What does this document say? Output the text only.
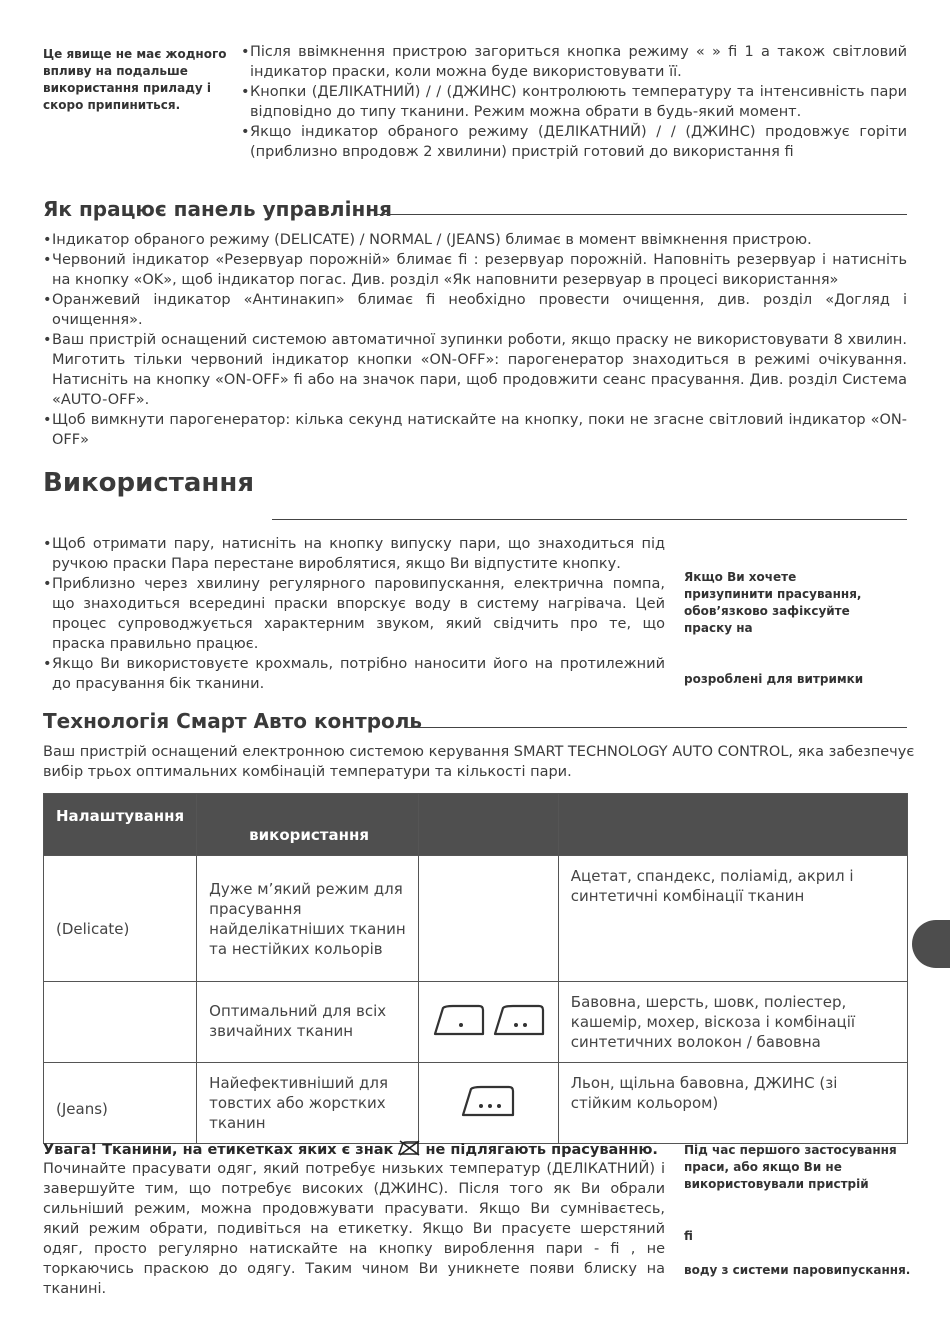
Це явище не має жодного впливу на подальше використання приладу і скоро припиниться.
• Після ввімкнення пристрою загориться кнопка режиму « » ﬁ 1 а також світловий індикатор праски, коли можна буде використовувати її.
• Кнопки (ДЕЛІКАТНИЙ) / / (ДЖИНС) контролюють температуру та інтенсивність пари відповідно до типу тканини. Режим можна обрати в будь-який момент.
• Якщо індикатор обраного режиму (ДЕЛІКАТНИЙ) / / (ДЖИНС) продовжує горіти (приблизно впродовж 2 хвилини) пристрій готовий до використання ﬁ
Як працює панель управління
• Індикатор обраного режиму (DELICATE) / NORMAL / (JEANS) блимає в момент ввімкнення пристрою.
• Червоний індикатор «Резервуар порожній» блимає ﬁ : резервуар порожній. Наповніть резервуар і натисніть на кнопку «OK», щоб індикатор погас. Див. розділ «Як наповнити резервуар в процесі використання»
• Оранжевий індикатор «Антинакип» блимає ﬁ необхідно провести очищення, див. розділ «Догляд і очищення».
• Ваш пристрій оснащений системою автоматичної зупинки роботи, якщо праску не використовувати 8 хвилин. Миготить тільки червоний індикатор кнопки «ON-OFF»: парогенератор знаходиться в режимі очікування. Натисніть на кнопку «ON-OFF» ﬁ або на значок пари, щоб продовжити сеанс прасування. Див. розділ Система «AUTO-OFF».
• Щоб вимкнути парогенератор: кілька секунд натискайте на кнопку, поки не згасне світловий індикатор «ON-OFF»
Використання
• Щоб отримати пару, натисніть на кнопку випуску пари, що знаходиться під ручкою праски Пара перестане вироблятися, якщо Ви відпустите кнопку.
• Приблизно через хвилину регулярного паровипускання, електрична помпа, що знаходиться всередині праски впорскує воду в систему нагрівача. Цей процес супроводжується характерним звуком, який свідчить про те, що праска правильно працює.
• Якщо Ви використовуєте крохмаль, потрібно наносити його на протилежний до прасування бік тканини.
Якщо Ви хочете призупинити прасування, обов’язково зафіксуйте праску на
розроблені для витримки
Технологія Смарт Авто контроль
Ваш пристрій оснащений електронною системою керування SMART TECHNOLOGY AUTO CONTROL, яка забезпечує вибір трьох оптимальних комбінацій температури та кількості пари.
Налаштування	використання		

(Delicate)	Дуже м’який режим для прасування найделікатніших тканин та нестійких кольорів		Ацетат, спандекс, поліамід, акрил і синтетичні комбінації тканин

	Оптимальний для всіх звичайних тканин		Бавовна, шерсть, шовк, поліестер, кашемір, мохер, віскоза і комбінації синтетичних волокон / бавовна

(Jeans)	Найефективніший для товстих або жорстких тканин		Льон, щільна бавовна, ДЖИНС (зі стійким кольором)
Увага! Тканини, на етикетках яких є знак не підлягають прасуванню.
Починайте прасувати одяг, який потребує низьких температур (ДЕЛІКАТНИЙ) і завершуйте тим, що потребує високих (ДЖИНС). Після того як Ви обрали сильніший режим, можна продовжувати прасувати. Якщо Ви сумніваєтесь, який режим обрати, подивіться на етикетку. Якщо Ви прасуєте шерстяний одяг, просто регулярно натискайте на кнопку вироблення пари - ﬁ , не торкаючись праскою до одягу. Таким чином Ви уникнете появи блиску на тканині.
Під час першого застосування праси, або якщо Ви не використовували пристрій
ﬁ
воду з системи паровипускання.
